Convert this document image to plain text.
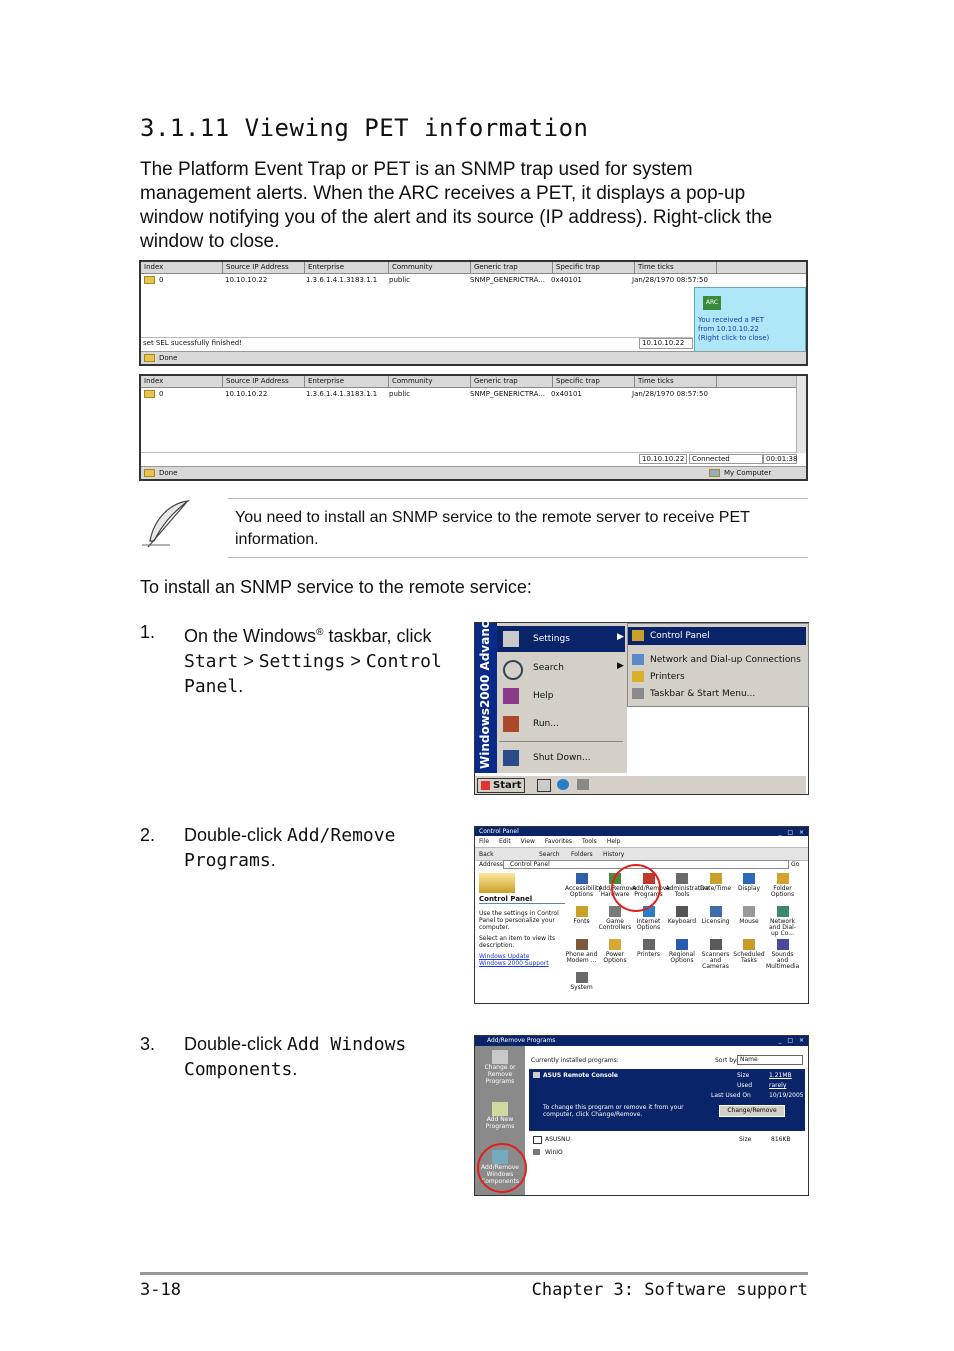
3.1.11 Viewing PET information
The Platform Event Trap or PET is an SNMP trap used for system management alerts. When the ARC receives a PET, it displays a pop-up window notifying you of the alert and its source (IP address). Right-click the window to close.
Index	Source IP Address	Enterprise	Community	Generic trap	Specific trap	Time ticks
0	10.10.10.22	1.3.6.1.4.1.3183.1.1	public	SNMP_GENERICTRA... 0x40101	Jan/28/1970 08:57:50
ARC
You received a PET from 10.10.10.22 (Right click to close)
set SEL sucessfully finished!	10.10.10.22
Done
Index	Source IP Address	Enterprise	Community	Generic trap	Specific trap	Time ticks
0	10.10.10.22	1.3.6.1.4.1.3183.1.1	public	SNMP_GENERICTRA... 0x40101	Jan/28/1970 08:57:50
10.10.10.22	Connected	00:01:38
Done	My Computer
You need to install an SNMP service to the remote server to receive PET information.
To install an SNMP service to the remote service:
1. On the Windows® taskbar, click Start > Settings > Control Panel.	Windows2000 Advanced	Settings	▶
Search	▶
Help
Run...
Shut Down...
Control Panel
Network and Dial-up Connections
Printers
Taskbar & Start Menu...
Start
2. Double-click Add/Remove Programs.
Control Panel	_ □ ×
File Edit View Favorites Tools Help
Back	Search Folders History
Address	Control Panel	Go
Control Panel
Use the settings in Control Panel to personalize your computer.
Select an item to view its description.
Windows Update
Windows 2000 Support
Accessibility Options
Add/Remove Hardware
Add/Remove Programs
Administrative Tools
Date/Time	Display	Folder Options
Fonts	Game Controllers
Internet Options
Keyboard Licensing	Mouse	Network and Dial-up Co...
Phone and Modem ...
Power Options
Printers	Regional Options
Scanners and Cameras
Scheduled Tasks
Sounds and Multimedia
System
3. Double-click Add Windows Components.
Add/Remove Programs	_ □ ×
Change or Remove Programs
Add New Programs
Add/Remove Windows Components
Currently installed programs:	Sort by: Name
ASUS Remote Console	Size	1.21MB
Used	rarely
Last Used On	10/19/2005
To change this program or remove it from your computer, click Change/Remove.
Change/Remove
ASUSNU	Size	816KB
WinIO
3-18	Chapter 3: Software support
